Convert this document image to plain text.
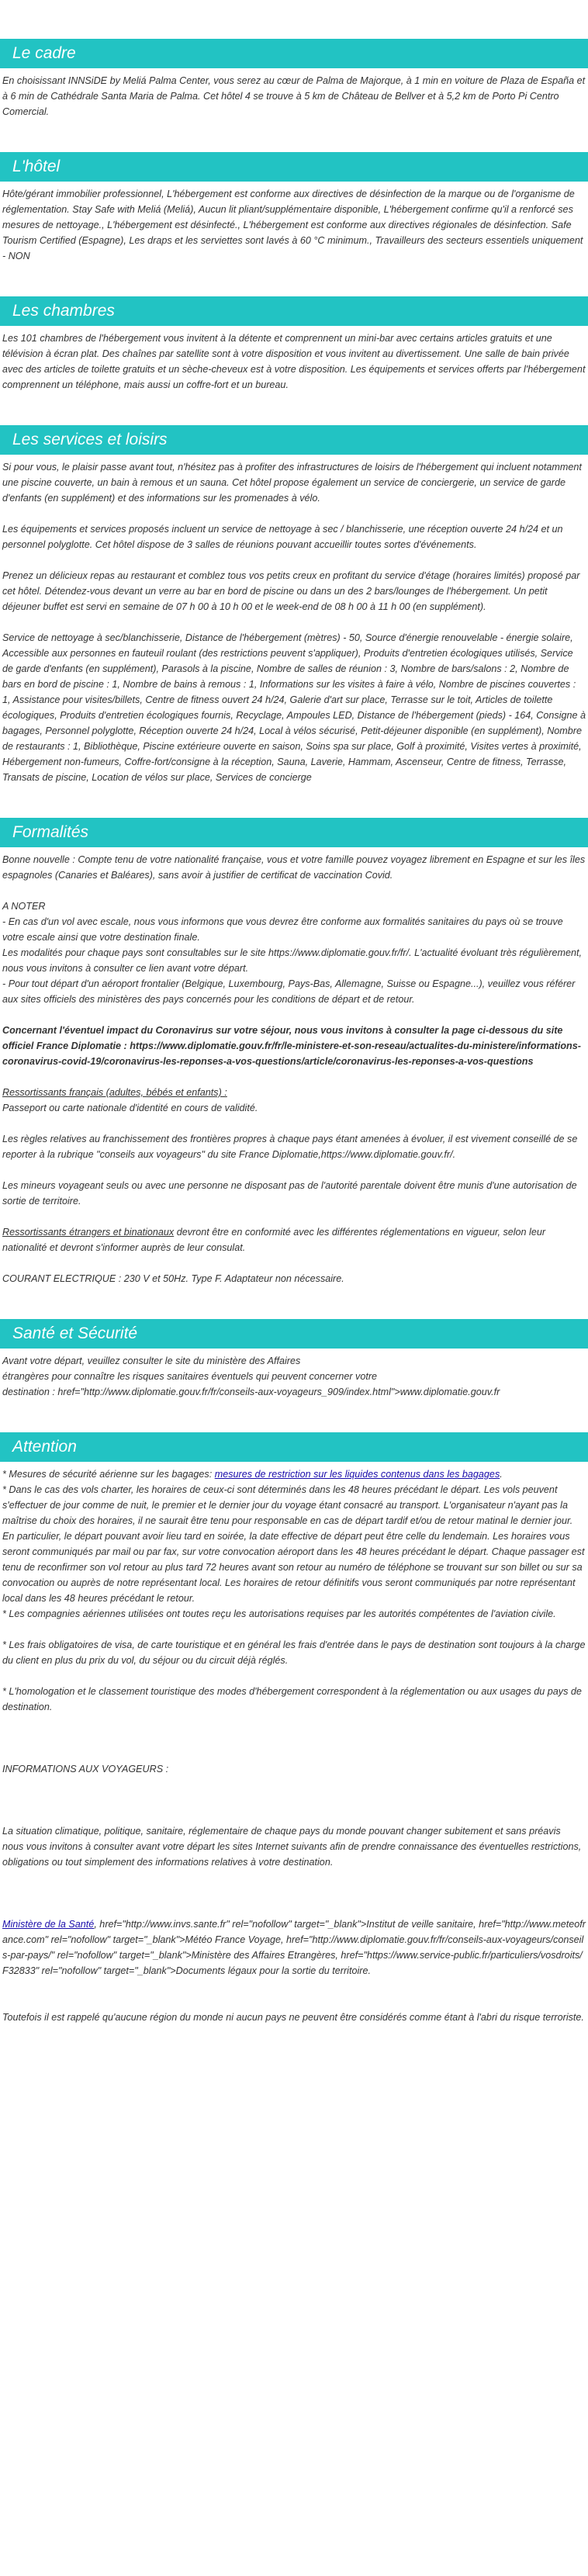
Le cadre

En choisissant INNSiDE by Meliá Palma Center, vous serez au cœur de Palma de Majorque, à 1 min en voiture de Plaza de España et à 6 min de Cathédrale Santa Maria de Palma. Cet hôtel 4 se trouve à 5 km de Château de Bellver et à 5,2 km de Porto Pi Centro Comercial.

L'hôtel

Hôte/gérant immobilier professionnel, L'hébergement est conforme aux directives de désinfection de la marque ou de l'organisme de réglementation. Stay Safe with Meliá (Meliá), Aucun lit pliant/supplémentaire disponible, L'hébergement confirme qu'il a renforcé ses mesures de nettoyage., L'hébergement est désinfecté., L'hébergement est conforme aux directives régionales de désinfection. Safe Tourism Certified (Espagne), Les draps et les serviettes sont lavés à 60 °C minimum., Travailleurs des secteurs essentiels uniquement - NON

Les chambres

Les 101 chambres de l'hébergement vous invitent à la détente et comprennent un mini-bar avec certains articles gratuits et une télévision à écran plat. Des chaînes par satellite sont à votre disposition et vous invitent au divertissement. Une salle de bain privée avec des articles de toilette gratuits et un sèche-cheveux est à votre disposition. Les équipements et services offerts par l'hébergement comprennent un téléphone, mais aussi un coffre-fort et un bureau.

Les services et loisirs

Si pour vous, le plaisir passe avant tout, n'hésitez pas à profiter des infrastructures de loisirs de l'hébergement qui incluent notamment une piscine couverte, un bain à remous et un sauna. Cet hôtel propose également un service de conciergerie, un service de garde d'enfants (en supplément) et des informations sur les promenades à vélo.

Les équipements et services proposés incluent un service de nettoyage à sec / blanchisserie, une réception ouverte 24 h/24 et un personnel polyglotte. Cet hôtel dispose de 3 salles de réunions pouvant accueillir toutes sortes d'événements.

Prenez un délicieux repas au restaurant et comblez tous vos petits creux en profitant du service d'étage (horaires limités) proposé par cet hôtel. Détendez-vous devant un verre au bar en bord de piscine ou dans un des 2 bars/lounges de l'hébergement. Un petit déjeuner buffet est servi en semaine de 07 h 00 à 10 h 00 et le week-end de 08 h 00 à 11 h 00 (en supplément).

Service de nettoyage à sec/blanchisserie, Distance de l'hébergement (mètres) - 50, Source d'énergie renouvelable - énergie solaire, Accessible aux personnes en fauteuil roulant (des restrictions peuvent s'appliquer), Produits d'entretien écologiques utilisés, Service de garde d'enfants (en supplément), Parasols à la piscine, Nombre de salles de réunion : 3, Nombre de bars/salons : 2, Nombre de bars en bord de piscine : 1, Nombre de bains à remous : 1, Informations sur les visites à faire à vélo, Nombre de piscines couvertes : 1, Assistance pour visites/billets, Centre de fitness ouvert 24 h/24, Galerie d'art sur place, Terrasse sur le toit, Articles de toilette écologiques, Produits d'entretien écologiques fournis, Recyclage, Ampoules LED, Distance de l'hébergement (pieds) - 164, Consigne à bagages, Personnel polyglotte, Réception ouverte 24 h/24, Local à vélos sécurisé, Petit-déjeuner disponible (en supplément), Nombre de restaurants : 1, Bibliothèque, Piscine extérieure ouverte en saison, Soins spa sur place, Golf à proximité, Visites vertes à proximité, Hébergement non-fumeurs, Coffre-fort/consigne à la réception, Sauna, Laverie, Hammam, Ascenseur, Centre de fitness, Terrasse, Transats de piscine, Location de vélos sur place, Services de concierge

Formalités

Bonne nouvelle : Compte tenu de votre nationalité française, vous et votre famille pouvez voyagez librement en Espagne et sur les îles espagnoles (Canaries et Baléares), sans avoir à justifier de certificat de vaccination Covid.

A NOTER
- En cas d'un vol avec escale, nous vous informons que vous devrez être conforme aux formalités sanitaires du pays où se trouve votre escale ainsi que votre destination finale.
Les modalités pour chaque pays sont consultables sur le site https://www.diplomatie.gouv.fr/fr/. L'actualité évoluant très régulièrement, nous vous invitons à consulter ce lien avant votre départ.
- Pour tout départ d'un aéroport frontalier (Belgique, Luxembourg, Pays-Bas, Allemagne, Suisse ou Espagne...), veuillez vous référer aux sites officiels des ministères des pays concernés pour les conditions de départ et de retour.

Concernant l'éventuel impact du Coronavirus sur votre séjour, nous vous invitons à consulter la page ci-dessous du site officiel France Diplomatie : https://www.diplomatie.gouv.fr/fr/le-ministere-et-son-reseau/actualites-du-ministere/informations-coronavirus-covid-19/coronavirus-les-reponses-a-vos-questions/article/coronavirus-les-reponses-a-vos-questions

Ressortissants français (adultes, bébés et enfants) :
Passeport ou carte nationale d'identité en cours de validité.

Les règles relatives au franchissement des frontières propres à chaque pays étant amenées à évoluer, il est vivement conseillé de se reporter à la rubrique "conseils aux voyageurs" du site France Diplomatie,https://www.diplomatie.gouv.fr/.

Les mineurs voyageant seuls ou avec une personne ne disposant pas de l'autorité parentale doivent être munis d'une autorisation de sortie de territoire.

Ressortissants étrangers et binationaux devront être en conformité avec les différentes réglementations en vigueur, selon leur nationalité et devront s'informer auprès de leur consulat.

COURANT ELECTRIQUE : 230 V et 50Hz. Type F. Adaptateur non nécessaire.

Santé et Sécurité
Avant votre départ, veuillez consulter le site du ministère des Affaires
étrangères pour connaître les risques sanitaires éventuels qui peuvent concerner votre
destination : href="http://www.diplomatie.gouv.fr/fr/conseils-aux-voyageurs_909/index.html">www.diplomatie.gouv.fr
Attention
* Mesures de sécurité aérienne sur les bagages: mesures de restriction sur les liquides contenus dans les bagages.
* Dans le cas des vols charter, les horaires de ceux-ci sont déterminés dans les 48 heures précédant le départ. Les vols peuvent s'effectuer de jour comme de nuit, le premier et le dernier jour du voyage étant consacré au transport. L'organisateur n'ayant pas la maîtrise du choix des horaires, il ne saurait être tenu pour responsable en cas de départ tardif et/ou de retour matinal le dernier jour. En particulier, le départ pouvant avoir lieu tard en soirée, la date effective de départ peut être celle du lendemain. Les horaires vous seront communiqués par mail ou par fax, sur votre convocation aéroport dans les 48 heures précédant le départ. Chaque passager est tenu de reconfirmer son vol retour au plus tard 72 heures avant son retour au numéro de téléphone se trouvant sur son billet ou sur sa convocation ou auprès de notre représentant local. Les horaires de retour définitifs vous seront communiqués par notre représentant local dans les 48 heures précédant le retour.
* Les compagnies aériennes utilisées ont toutes reçu les autorisations requises par les autorités compétentes de l'aviation civile.
* Les frais obligatoires de visa, de carte touristique et en général les frais d'entrée dans le pays de destination sont toujours à la charge du client en plus du prix du vol, du séjour ou du circuit déjà réglés.
* L'homologation et le classement touristique des modes d'hébergement correspondent à la réglementation ou aux usages du pays de destination.
INFORMATIONS AUX VOYAGEURS :
La situation climatique, politique, sanitaire, réglementaire de chaque pays du monde pouvant changer subitement et sans préavis
nous vous invitons à consulter avant votre départ les sites Internet suivants afin de prendre connaissance des éventuelles restrictions, obligations ou tout simplement des informations relatives à votre destination.
Ministère de la Santé, href="http://www.invs.sante.fr" rel="nofollow" target="_blank">Institut de veille sanitaire, href="http://www.meteofrance.com" rel="nofollow" target="_blank">Météo France Voyage, href="http://www.diplomatie.gouv.fr/fr/conseils-aux-voyageurs/conseils-par-pays/" rel="nofollow" target="_blank">Ministère des Affaires Etrangères, href="https://www.service-public.fr/particuliers/vosdroits/F32833" rel="nofollow" target="_blank">Documents légaux pour la sortie du territoire.
Toutefois il est rappelé qu'aucune région du monde ni aucun pays ne peuvent être considérés comme étant à l'abri du risque terroriste.
